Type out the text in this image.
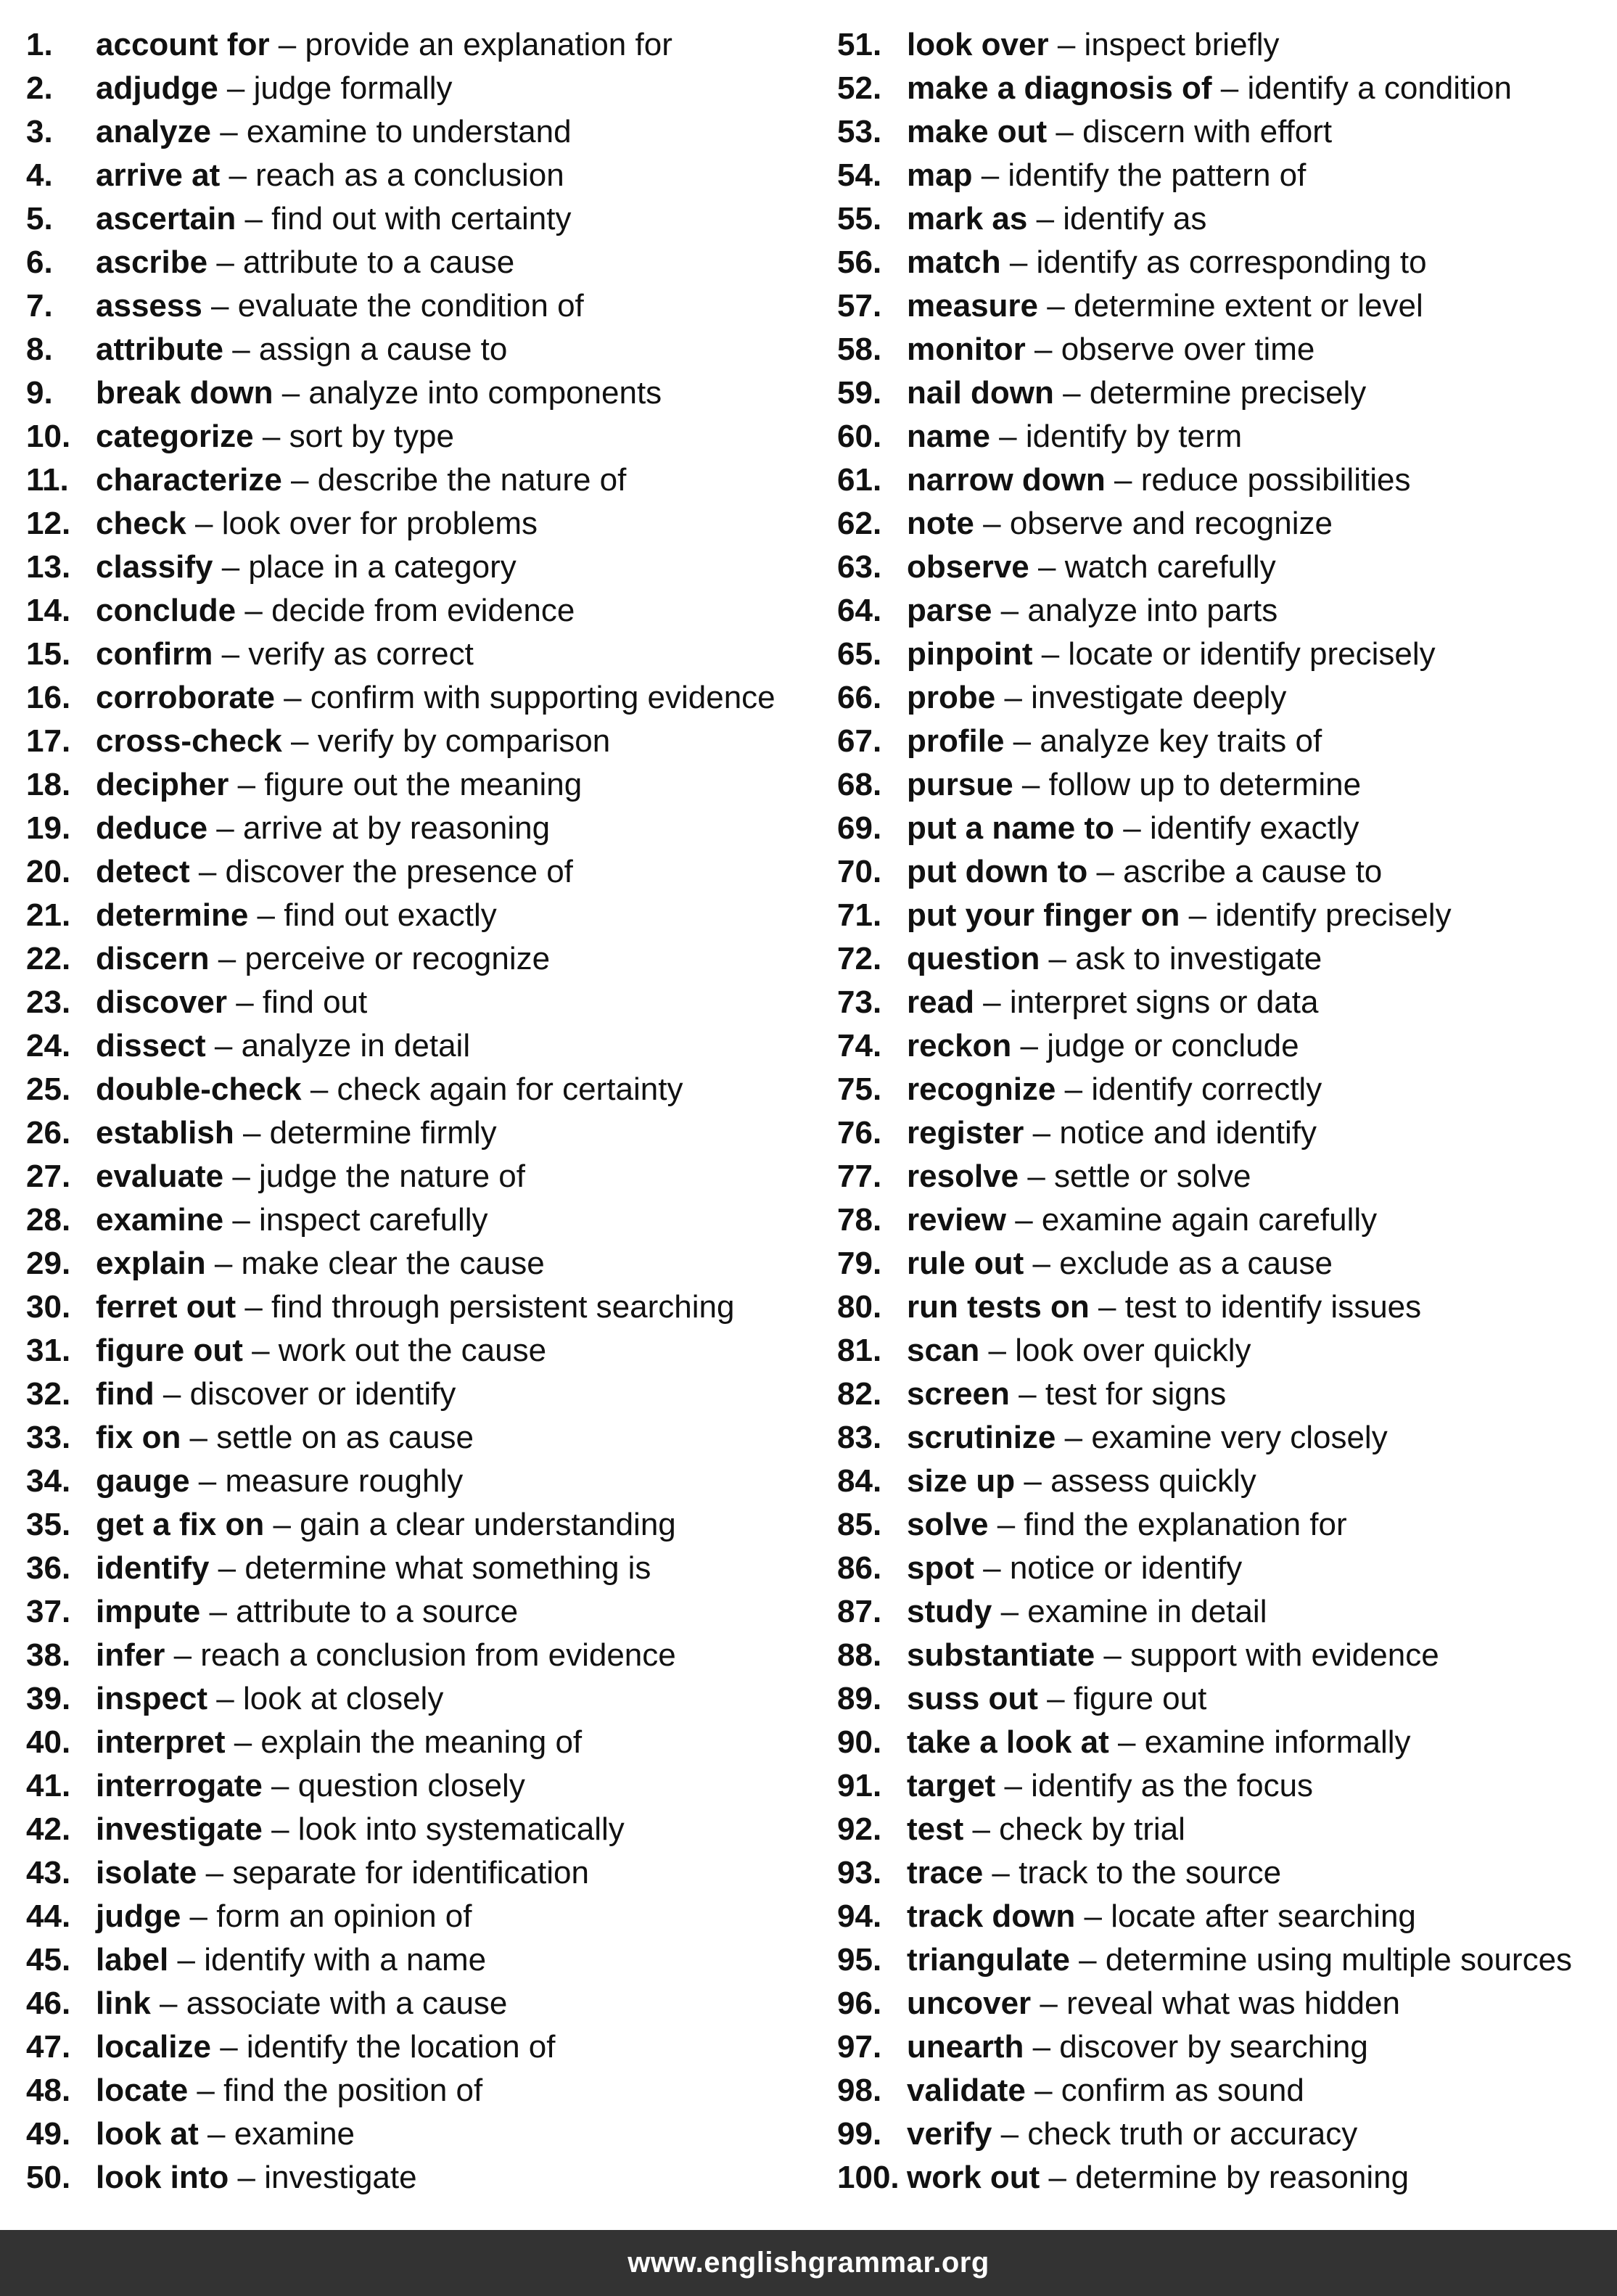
1.	account for – provide an explanation for
2.	adjudge – judge formally
3.	analyze – examine to understand
4.	arrive at – reach as a conclusion
5.	ascertain – find out with certainty
6.	ascribe – attribute to a cause
7.	assess – evaluate the condition of
8.	attribute – assign a cause to
9.	break down – analyze into components
10. categorize – sort by type
11. characterize – describe the nature of
12. check – look over for problems
13. classify – place in a category
14. conclude – decide from evidence
15. confirm – verify as correct
16. corroborate – confirm with supporting evidence
17. cross-check – verify by comparison
18. decipher – figure out the meaning
19. deduce – arrive at by reasoning
20. detect – discover the presence of
21. determine – find out exactly
22. discern – perceive or recognize
23. discover – find out
24. dissect – analyze in detail
25. double-check – check again for certainty
26. establish – determine firmly
27. evaluate – judge the nature of
28. examine – inspect carefully
29. explain – make clear the cause
30. ferret out – find through persistent searching
31. figure out – work out the cause
32. find – discover or identify
33. fix on – settle on as cause
34. gauge – measure roughly
35. get a fix on – gain a clear understanding
36. identify – determine what something is
37. impute – attribute to a source
38. infer – reach a conclusion from evidence
39. inspect – look at closely
40. interpret – explain the meaning of
41. interrogate – question closely
42. investigate – look into systematically
43. isolate – separate for identification
44. judge – form an opinion of
45. label – identify with a name
46. link – associate with a cause
47. localize – identify the location of
48. locate – find the position of
49. look at – examine
50. look into – investigate
51. look over – inspect briefly
52. make a diagnosis of – identify a condition
53. make out – discern with effort
54. map – identify the pattern of
55. mark as – identify as
56. match – identify as corresponding to
57. measure – determine extent or level
58. monitor – observe over time
59. nail down – determine precisely
60. name – identify by term
61. narrow down – reduce possibilities
62. note – observe and recognize
63. observe – watch carefully
64. parse – analyze into parts
65. pinpoint – locate or identify precisely
66. probe – investigate deeply
67. profile – analyze key traits of
68. pursue – follow up to determine
69. put a name to – identify exactly
70. put down to – ascribe a cause to
71. put your finger on – identify precisely
72. question – ask to investigate
73. read – interpret signs or data
74. reckon – judge or conclude
75. recognize – identify correctly
76. register – notice and identify
77. resolve – settle or solve
78. review – examine again carefully
79. rule out – exclude as a cause
80. run tests on – test to identify issues
81. scan – look over quickly
82. screen – test for signs
83. scrutinize – examine very closely
84. size up – assess quickly
85. solve – find the explanation for
86. spot – notice or identify
87. study – examine in detail
88. substantiate – support with evidence
89. suss out – figure out
90. take a look at – examine informally
91. target – identify as the focus
92. test – check by trial
93. trace – track to the source
94. track down – locate after searching
95. triangulate – determine using multiple sources
96. uncover – reveal what was hidden
97. unearth – discover by searching
98. validate – confirm as sound
99. verify – check truth or accuracy
100. work out – determine by reasoning
www.englishgrammar.org
